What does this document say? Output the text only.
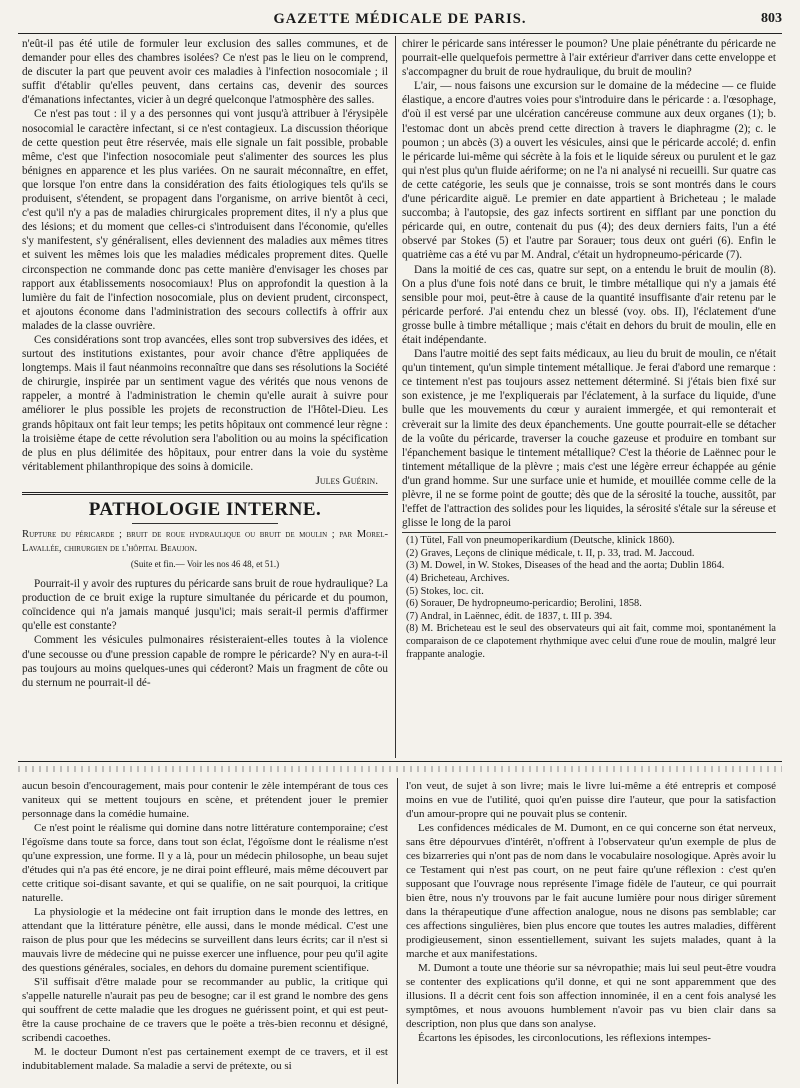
GAZETTE MÉDICALE DE PARIS.	803

n'eût-il pas été utile de formuler leur exclusion des salles communes, et de demander pour elles des chambres isolées? Ce n'est pas le lieu on le comprend, de discuter la part que peuvent avoir ces maladies à l'infection nosocomiale ; il suffit d'établir qu'elles peuvent, dans certains cas, devenir des sources d'émanations infectantes, vicier à un degré quelconque l'atmosphère des salles.

Ce n'est pas tout : il y a des personnes qui vont jusqu'à attribuer à l'érysipèle nosocomial le caractère infectant, si ce n'est contagieux. La discussion théorique de cette question peut être réservée, mais elle signale un fait possible, probable même, c'est que l'infection nosocomiale peut s'alimenter des sources les plus bénignes en apparence et les plus variées. On ne saurait méconnaître, en effet, que lorsque l'on entre dans la considération des faits étiologiques tels qu'ils se produisent, s'étendent, se propagent dans l'organisme, on arrive bientôt à ceci, c'est qu'il n'y a pas de maladies chirurgicales proprement dites, il n'y a plus que des lésions; et du moment que celles-ci s'introduisent dans l'économie, qu'elles s'y manifestent, s'y généralisent, elles deviennent des maladies aux mêmes titres et suivent les mêmes lois que les maladies médicales proprement dites. Quelle circonspection ne commande donc pas cette manière d'envisager les choses par rapport aux établissements nosocomiaux! Plus on approfondit la question à la lumière du fait de l'infection nosocomiale, plus on devient prudent, circonspect, et ajoutons économe dans l'administration des secours collectifs à offrir aux malades de la classe ouvrière.

Ces considérations sont trop avancées, elles sont trop subversives des idées, et surtout des institutions existantes, pour avoir chance d'être appliquées de longtemps. Mais il faut néanmoins reconnaître que dans ses résolutions la Société de chirurgie, inspirée par un sentiment vague des vérités que nous venons de rappeler, a montré à l'administration le chemin qu'elle aurait à suivre pour améliorer le plus possible les projets de reconstruction de l'Hôtel-Dieu. Les grands hôpitaux ont fait leur temps; les petits hôpitaux ont commencé leur règne : la troisième étape de cette révolution sera l'abolition ou au moins la spécification de plus en plus délimitée des hôpitaux, pour entrer dans la voie du système véritablement philanthropique des soins à domicile.

Jules Guérin.

PATHOLOGIE INTERNE.

Rupture du péricarde ; bruit de roue hydraulique ou bruit de moulin ; par Morel-Lavallée, chirurgien de l'hôpital Beaujon.

(Suite et fin.— Voir les nos 46 48, et 51.)

Pourrait-il y avoir des ruptures du péricarde sans bruit de roue hydraulique? La production de ce bruit exige la rupture simultanée du péricarde et du poumon, coïncidence qui n'a jamais manqué jusqu'ici; mais serait-il permis d'affirmer qu'elle est constante?

Comment les vésicules pulmonaires résisteraient-elles toutes à la violence d'une secousse ou d'une pression capable de rompre le péricarde? N'y en aura-t-il pas toujours au moins quelques-unes qui céderont? Mais un fragment de côte ou du sternum ne pourrait-il dé-

chirer le péricarde sans intéresser le poumon? Une plaie pénétrante du péricarde ne pourrait-elle quelquefois permettre à l'air extérieur d'arriver dans cette enveloppe et s'accompagner du bruit de roue hydraulique, du bruit de moulin?

L'air, — nous faisons une excursion sur le domaine de la médecine — ce fluide élastique, a encore d'autres voies pour s'introduire dans le péricarde : a. l'œsophage, d'où il est versé par une ulcération cancéreuse commune aux deux organes (1); b. l'estomac dont un abcès prend cette direction à travers le diaphragme (2); c. le poumon ; un abcès (3) a ouvert les vésicules, ainsi que le péricarde accolé; d. enfin le péricarde lui-même qui sécrète à la fois et le liquide séreux ou purulent et le gaz qui n'est plus qu'un fluide aériforme; on ne l'a ni analysé ni recueilli. Sur quatre cas de cette catégorie, les seuls que je connaisse, trois se sont montrés dans le cours d'une péricardite aiguë. Le premier en date appartient à Bricheteau ; le malade succomba; à l'autopsie, des gaz infects sortirent en sifflant par une ponction du péricarde qui, en outre, contenait du pus (4); des deux derniers faits, l'un a été observé par Stokes (5) et l'autre par Sorauer; tous deux ont guéri (6). Enfin le quatrième cas a été vu par M. Andral, c'était un hydropneumo-péricarde (7).

Dans la moitié de ces cas, quatre sur sept, on a entendu le bruit de moulin (8). On a plus d'une fois noté dans ce bruit, le timbre métallique qui n'y a jamais été sensible pour moi, peut-être à cause de la quantité insuffisante d'air retenu par le péricarde perforé. J'ai entendu chez un blessé (voy. obs. II), l'éclatement d'une grosse bulle à timbre métallique ; mais c'était en dehors du bruit de moulin, elle en était indépendante.

Dans l'autre moitié des sept faits médicaux, au lieu du bruit de moulin, ce n'était qu'un tintement, qu'un simple tintement métallique. Je ferai d'abord une remarque : ce tintement n'est pas toujours assez nettement déterminé. Si j'étais bien fixé sur son existence, je me l'expliquerais par l'éclatement, à la surface du liquide, d'une bulle que les mouvements du cœur y auraient immergée, et qui remonterait et crèverait sur la limite des deux épanchements. Une goutte pourrait-elle se détacher de la voûte du péricarde, traverser la couche gazeuse et produire en tombant sur l'épanchement basique le tintement métallique? C'est la théorie de Laënnec pour le tintement métallique de la plèvre ; mais c'est une légère erreur échappée au génie d'un grand homme. Sur une surface unie et humide, et mouillée comme celle de la plèvre, il ne se forme point de goutte; dès que de la sérosité la touche, aussitôt, par l'effet de l'attraction des solides pour les liquides, la sérosité s'étale sur la séreuse et glisse le long de la paroi

(1) Tütel, Fall von pneumoperikardium (Deutsche, klinick 1860).

(2) Graves, Leçons de clinique médicale, t. II, p. 33, trad. M. Jaccoud.

(3) M. Dowel, in W. Stokes, Diseases of the head and the aorta; Dublin 1864.

(4) Bricheteau, Archives.

(5) Stokes, loc. cit.

(6) Sorauer, De hydropneumo-pericardio; Berolini, 1858.

(7) Andral, in Laënnec, édit. de 1837, t. III p. 394.

(8) M. Bricheteau est le seul des observateurs qui ait fait, comme moi, spontanément la comparaison de ce clapotement rhythmique avec celui d'une roue de moulin, malgré leur frappante analogie.

aucun besoin d'encouragement, mais pour contenir le zèle intempérant de tous ces vaniteux qui se mettent toujours en scène, et prétendent jouer le premier personnage dans la comédie humaine.

Ce n'est point le réalisme qui domine dans notre littérature contemporaine; c'est l'égoïsme dans toute sa force, dans tout son éclat, l'égoïsme dont le réalisme n'est qu'une expression, une forme. Il y a là, pour un médecin philosophe, un beau sujet d'études qui n'a pas été encore, je ne dirai point effleuré, mais même découvert par cette critique soi-disant savante, et qui se qualifie, on ne sait pourquoi, la critique naturelle.

La physiologie et la médecine ont fait irruption dans le monde des lettres, en attendant que la littérature pénètre, elle aussi, dans le monde médical. C'est une raison de plus pour que les médecins se surveillent dans leurs écrits; car il n'est si mauvais livre de médecine qui ne puisse exercer une influence, pour peu qu'il agite des questions générales, sociales, en dehors du domaine purement scientifique.

S'il suffisait d'être malade pour se recommander au public, la critique qui s'appelle naturelle n'aurait pas peu de besogne; car il est grand le nombre des gens qui souffrent de cette maladie que les drogues ne guérissent point, et qui est peut-être la cause prochaine de ce travers que le poëte a très-bien reconnu et désigné, scribendi cacoethes.

M. le docteur Dumont n'est pas certainement exempt de ce travers, et il est indubitablement malade. Sa maladie a servi de prétexte, ou si

l'on veut, de sujet à son livre; mais le livre lui-même a été entrepris et composé moins en vue de l'utilité, quoi qu'en puisse dire l'auteur, que pour la satisfaction d'un amour-propre qui ne pouvait plus se contenir.

Les confidences médicales de M. Dumont, en ce qui concerne son état nerveux, sans être dépourvues d'intérêt, n'offrent à l'observateur qu'un exemple de plus de ces bizarreries qui n'ont pas de nom dans le vocabulaire nosologique. Après avoir lu ce Testament qui n'est pas court, on ne peut faire qu'une réflexion : c'est qu'en supposant que l'ouvrage nous représente l'image fidèle de l'auteur, ce qui pourrait bien être, nous n'y trouvons par le fait aucune lumière pour nous diriger sûrement dans la thérapeutique d'une affection analogue, nous ne disons pas semblable; car ces affections singulières, bien plus encore que toutes les autres maladies, diffèrent prodigieusement, sinon essentiellement, suivant les sujets malades, quant à la marche et aux manifestations.

M. Dumont a toute une théorie sur sa névropathie; mais lui seul peut-être voudra se contenter des explications qu'il donne, et qui ne sont apparemment que des illusions. Il a décrit cent fois son affection innominée, il en a cent fois analysé les symptômes, et nous avouons humblement n'avoir pas vu bien clair dans sa description, non plus que dans son analyse.

Écartons les épisodes, les circonlocutions, les réflexions intempes-
